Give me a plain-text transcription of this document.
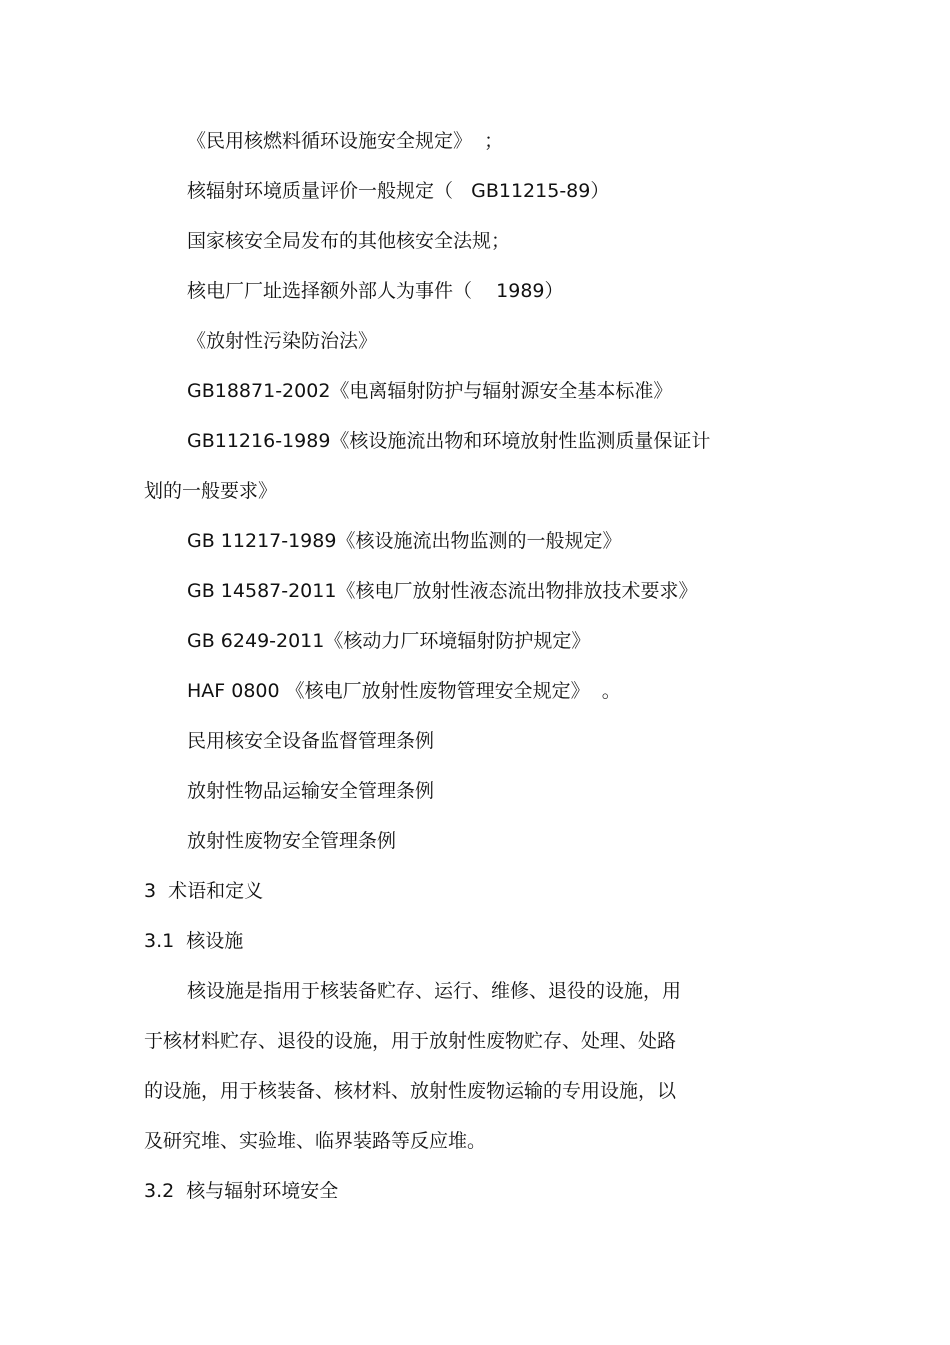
《民用核燃料循环设施安全规定》  ；
核辐射环境质量评价一般规定（   GB11215-89）
国家核安全局发布的其他核安全法规；
核电厂厂址选择额外部人为事件（    1989）
《放射性污染防治法》
GB18871-2002《电离辐射防护与辐射源安全基本标准》
GB11216-1989《核设施流出物和环境放射性监测质量保证计
划的一般要求》
GB 11217-1989《核设施流出物监测的一般规定》
GB 14587-2011《核电厂放射性液态流出物排放技术要求》
GB 6249-2011《核动力厂环境辐射防护规定》
HAF 0800 《核电厂放射性废物管理安全规定》  。
民用核安全设备监督管理条例
放射性物品运输安全管理条例
放射性废物安全管理条例
3  术语和定义
3.1  核设施
核设施是指用于核装备贮存、运行、维修、退役的设施，用
于核材料贮存、退役的设施，用于放射性废物贮存、处理、处路
的设施，用于核装备、核材料、放射性废物运输的专用设施，以
及研究堆、实验堆、临界装路等反应堆。
3.2  核与辐射环境安全
